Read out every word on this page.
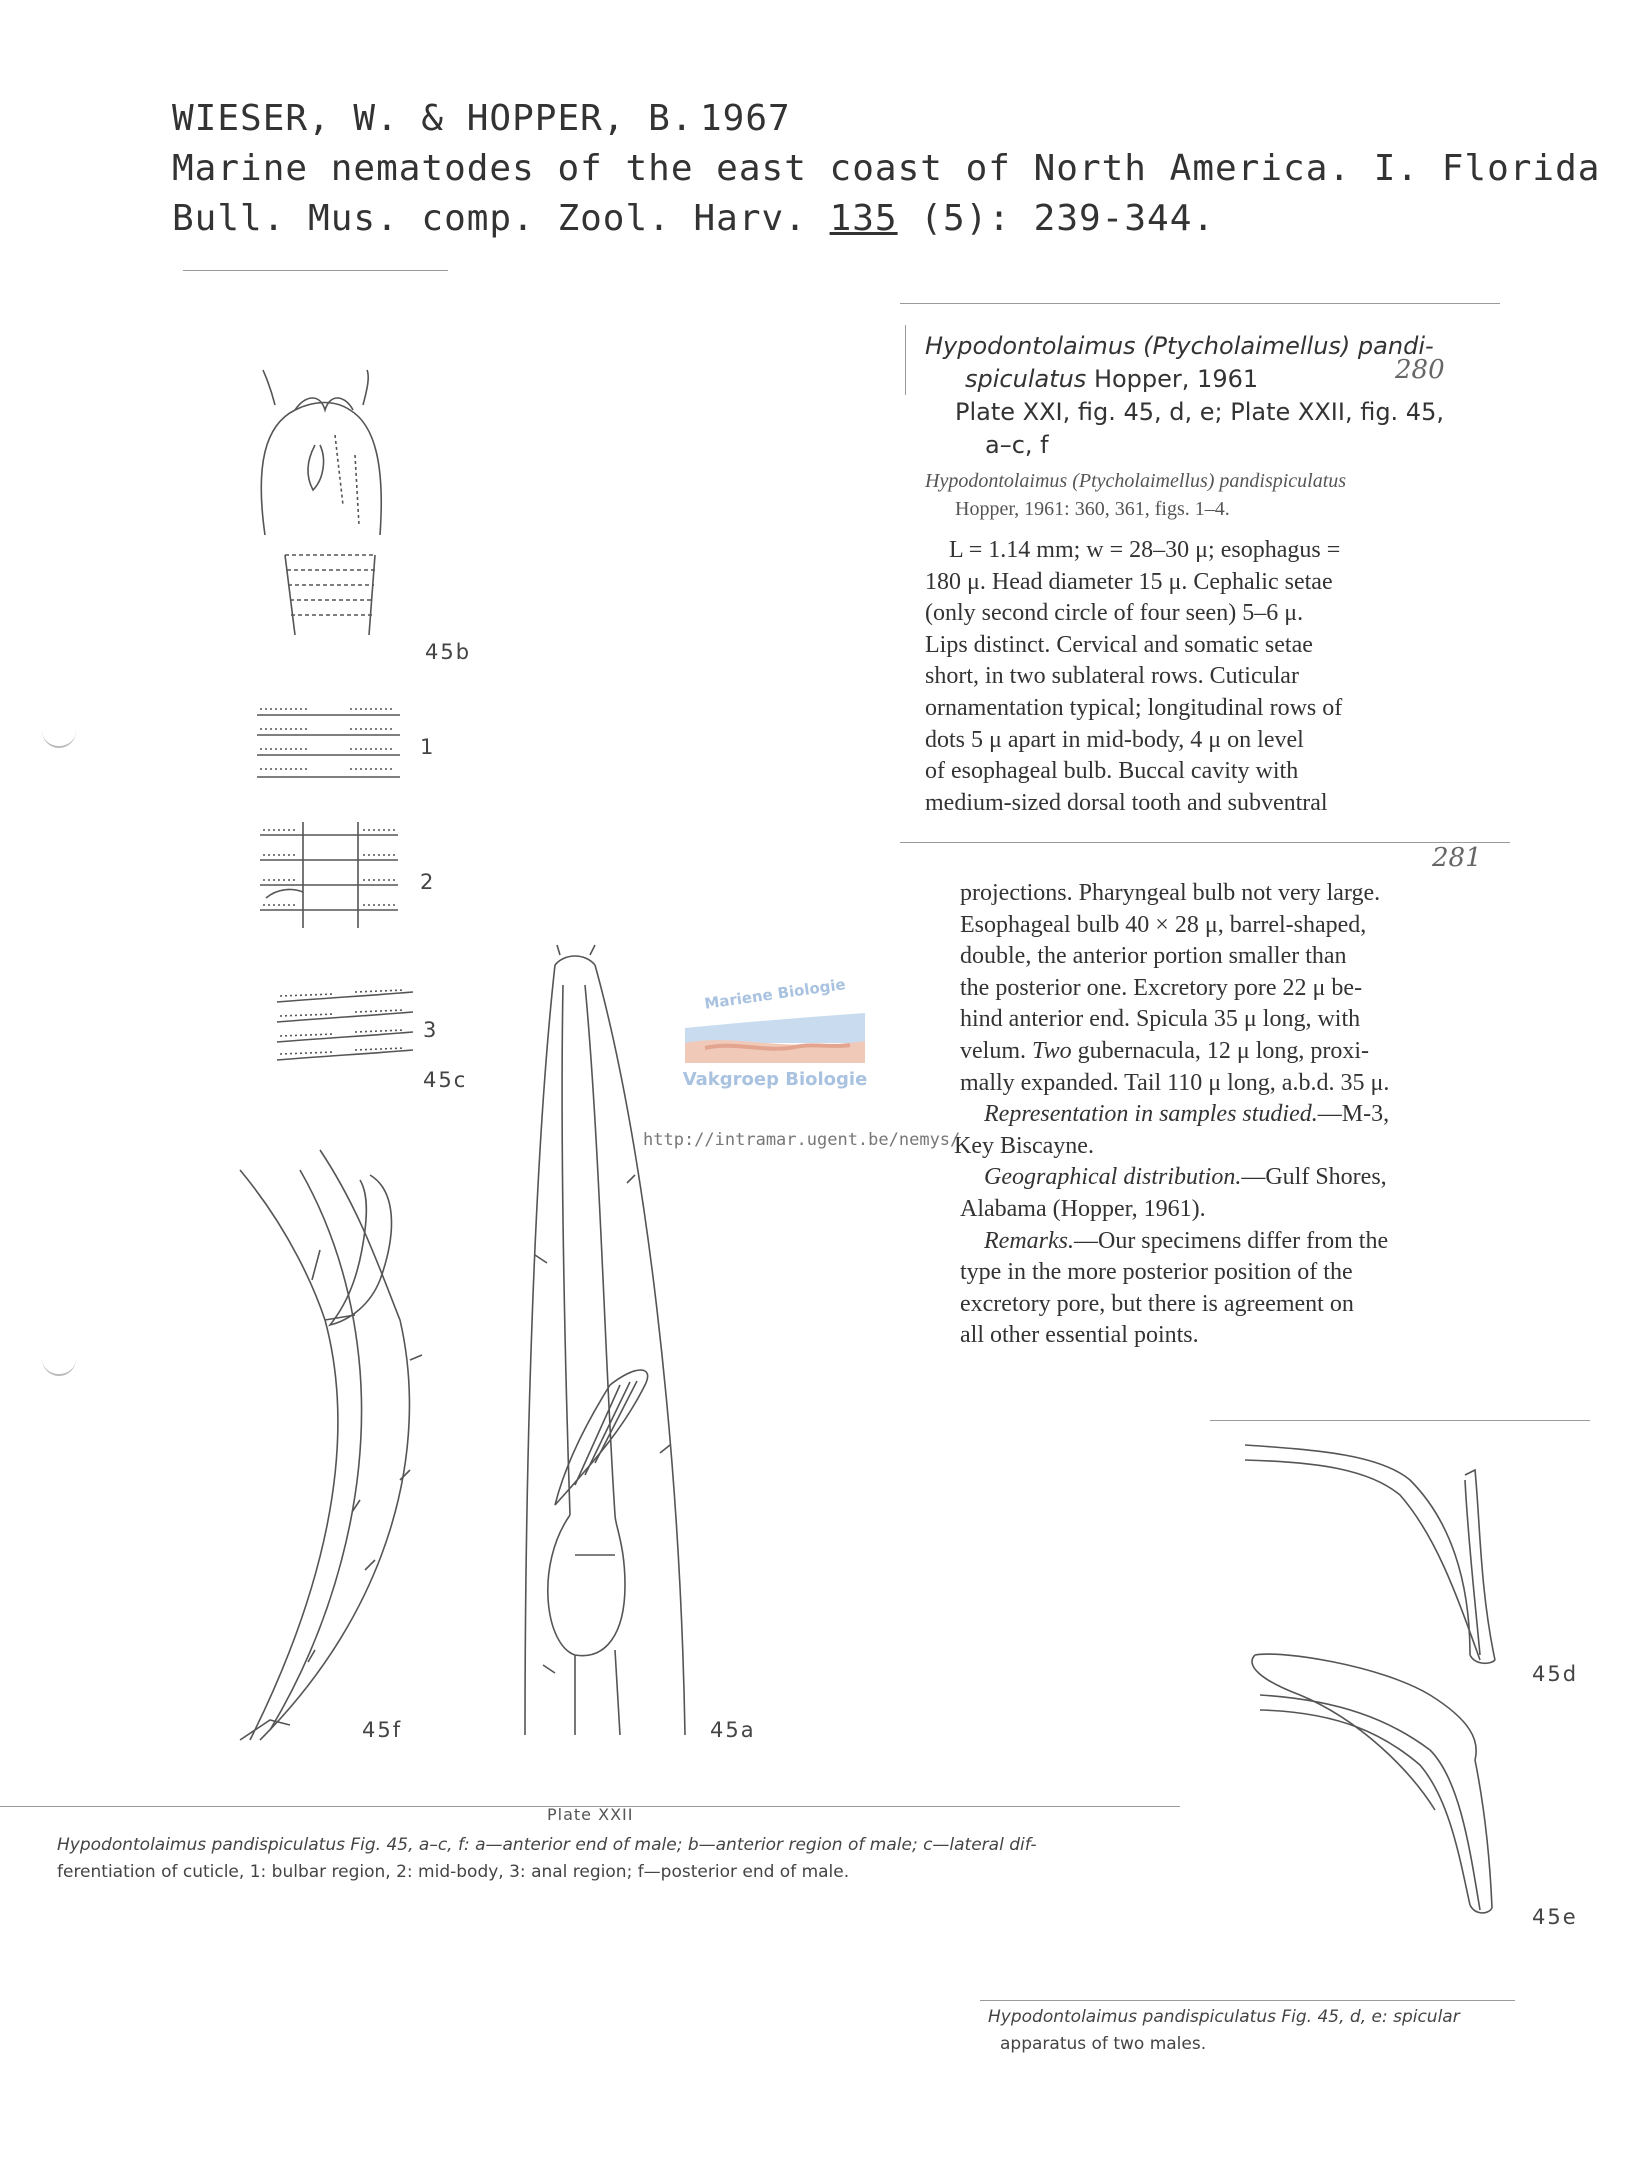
WIESER, W. & HOPPER, B. 1967
Marine nematodes of the east coast of North America. I. Florida
Bull. Mus. comp. Zool. Harv. 135 (5): 239-344.
Hypodontolaimus (Ptycholaimellus) pandi-
spiculatus Hopper, 1961
Plate XXI, fig. 45, d, e; Plate XXII, fig. 45,
a–c, f
280
Hypodontolaimus (Ptycholaimellus) pandispiculatus
Hopper, 1961: 360, 361, figs. 1–4.

L = 1.14 mm; w = 28–30 μ; esophagus =

180 μ. Head diameter 15 μ. Cephalic setae

(only second circle of four seen) 5–6 μ.

Lips distinct. Cervical and somatic setae

short, in two sublateral rows. Cuticular

ornamentation typical; longitudinal rows of

dots 5 μ apart in mid-body, 4 μ on level

of esophageal bulb. Buccal cavity with

medium-sized dorsal tooth and subventral

281

projections. Pharyngeal bulb not very large.

Esophageal bulb 40 × 28 μ, barrel-shaped,

double, the anterior portion smaller than

the posterior one. Excretory pore 22 μ be-

hind anterior end. Spicula 35 μ long, with

velum. Two gubernacula, 12 μ long, proxi-

mally expanded. Tail 110 μ long, a.b.d. 35 μ.

Representation in samples studied.—M-3,

Key Biscayne.

Geographical distribution.—Gulf Shores,

Alabama (Hopper, 1961).

Remarks.—Our specimens differ from the

type in the more posterior position of the

excretory pore, but there is agreement on

all other essential points.

45b
1
2
3
45c
45f	45a
Mariene Biologie
Vakgroep Biologie
http://intramar.ugent.be/nemys/
45d
45e
Plate XXII
Hypodontolaimus pandispiculatus Fig. 45, a–c, f: a—anterior end of male; b—anterior region of male; c—lateral dif-
ferentiation of cuticle, 1: bulbar region, 2: mid-body, 3: anal region; f—posterior end of male.
Hypodontolaimus pandispiculatus Fig. 45, d, e: spicular
apparatus of two males.
